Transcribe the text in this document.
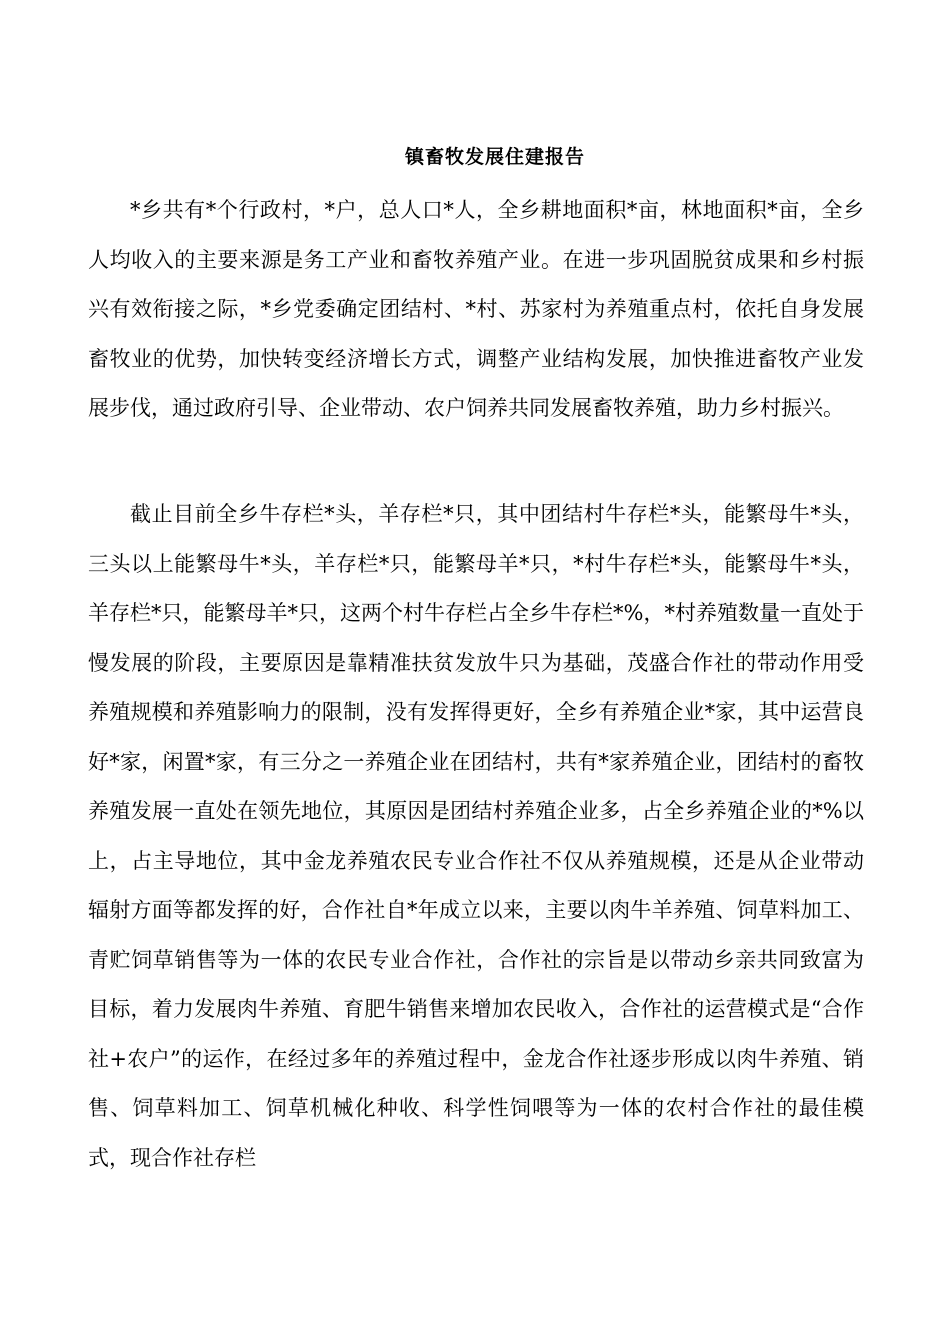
镇畜牧发展住建报告

*乡共有*个行政村，*户，总人口*人，全乡耕地面积*亩，林地面积*亩，全乡人均收入的主要来源是务工产业和畜牧养殖产业。在进一步巩固脱贫成果和乡村振兴有效衔接之际，*乡党委确定团结村、*村、苏家村为养殖重点村，依托自身发展畜牧业的优势，加快转变经济增长方式，调整产业结构发展，加快推进畜牧产业发展步伐，通过政府引导、企业带动、农户饲养共同发展畜牧养殖，助力乡村振兴。

截止目前全乡牛存栏*头，羊存栏*只，其中团结村牛存栏*头，能繁母牛*头，三头以上能繁母牛*头，羊存栏*只，能繁母羊*只，*村牛存栏*头，能繁母牛*头，羊存栏*只，能繁母羊*只，这两个村牛存栏占全乡牛存栏*%，*村养殖数量一直处于慢发展的阶段，主要原因是靠精准扶贫发放牛只为基础，茂盛合作社的带动作用受养殖规模和养殖影响力的限制，没有发挥得更好，全乡有养殖企业*家，其中运营良好*家，闲置*家，有三分之一养殖企业在团结村，共有*家养殖企业，团结村的畜牧养殖发展一直处在领先地位，其原因是团结村养殖企业多，占全乡养殖企业的*%以上，占主导地位，其中金龙养殖农民专业合作社不仅从养殖规模，还是从企业带动辐射方面等都发挥的好，合作社自*年成立以来，主要以肉牛羊养殖、饲草料加工、青贮饲草销售等为一体的农民专业合作社，合作社的宗旨是以带动乡亲共同致富为目标，着力发展肉牛养殖、育肥牛销售来增加农民收入，合作社的运营模式是“合作社+农户”的运作，在经过多年的养殖过程中，金龙合作社逐步形成以肉牛养殖、销售、饲草料加工、饲草机械化种收、科学性饲喂等为一体的农村合作社的最佳模式，现合作社存栏
